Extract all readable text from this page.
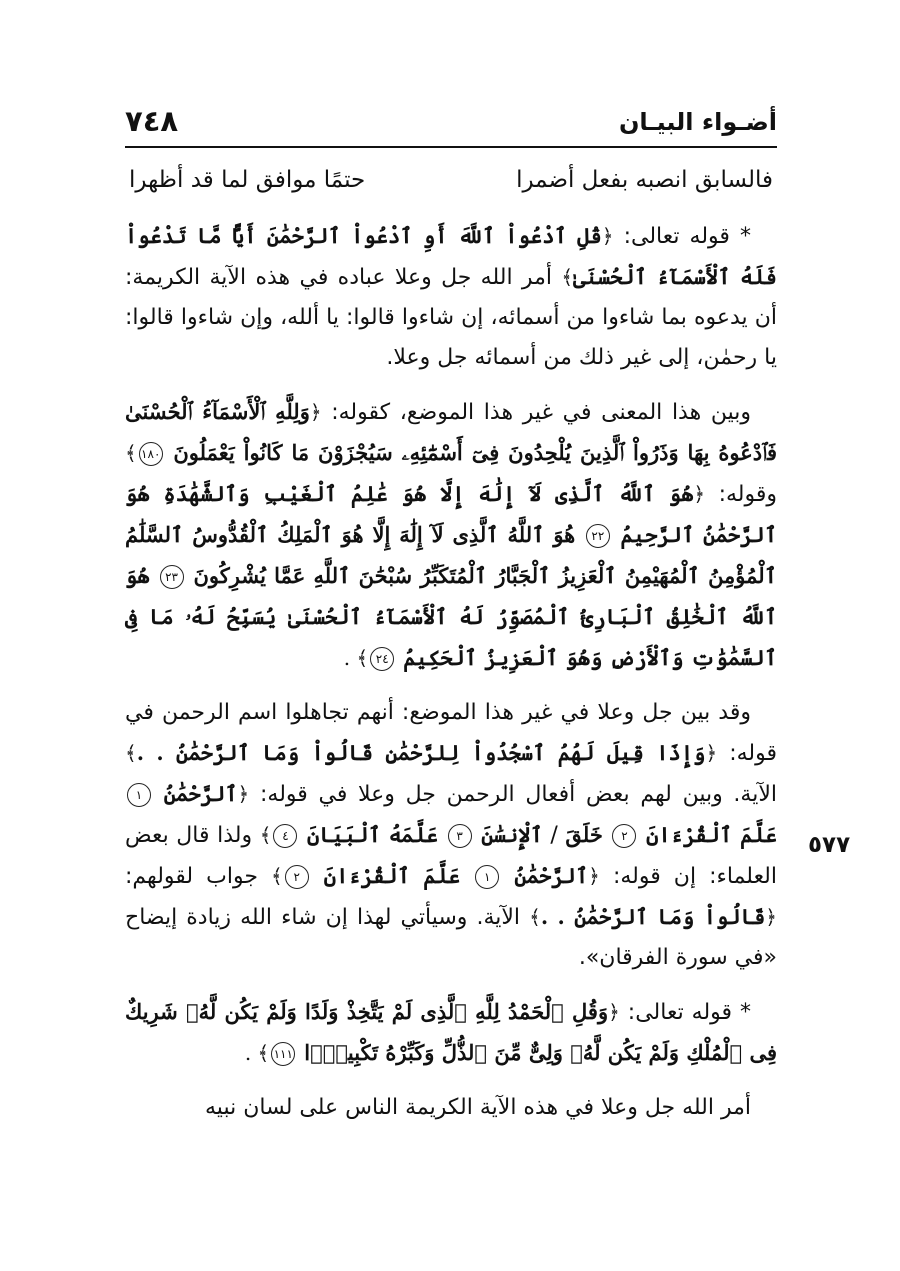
٧٤٨	أضـواء البيـان
٥٧٧
فالسابق انصبه بفعل أضمرا
حتمًا موافق لما قد أظهرا

* قوله تعالى: ﴿قُلِ ٱدْعُواْ ٱللَّهَ أَوِ ٱدْعُواْ ٱلرَّحْمَٰنَ أَيًّا مَّا تَدْعُواْ فَلَهُ ٱلْأَسْمَآءُ ٱلْحُسْنَىٰ﴾ أمر الله جل وعلا عباده في هذه الآية الكريمة: أن يدعوه بما شاءوا من أسمائه، إن شاءوا قالوا: يا ألله، وإن شاءوا قالوا: يا رحمٰن، إلى غير ذلك من أسمائه جل وعلا.

وبين هذا المعنى في غير هذا الموضع، كقوله: ﴿وَلِلَّهِ ٱلْأَسْمَآءُ ٱلْحُسْنَىٰ فَٱدْعُوهُ بِهَا وَذَرُواْ ٱلَّذِينَ يُلْحِدُونَ فِىٓ أَسْمَٰٓئِهِۦ سَيُجْزَوْنَ مَا كَانُواْ يَعْمَلُونَ ١٨٠﴾ وقوله: ﴿هُوَ ٱللَّهُ ٱلَّذِى لَآ إِلَٰهَ إِلَّا هُوَ عَٰلِمُ ٱلْغَيْبِ وَٱلشَّهَٰدَةِ هُوَ ٱلرَّحْمَٰنُ ٱلرَّحِيمُ ٢٢ هُوَ ٱللَّهُ ٱلَّذِى لَآ إِلَٰهَ إِلَّا هُوَ ٱلْمَلِكُ ٱلْقُدُّوسُ ٱلسَّلَٰمُ ٱلْمُؤْمِنُ ٱلْمُهَيْمِنُ ٱلْعَزِيزُ ٱلْجَبَّارُ ٱلْمُتَكَبِّرُ سُبْحَٰنَ ٱللَّهِ عَمَّا يُشْرِكُونَ ٢٣ هُوَ ٱللَّهُ ٱلْخَٰلِقُ ٱلْبَارِئُ ٱلْمُصَوِّرُ لَهُ ٱلْأَسْمَآءُ ٱلْحُسْنَىٰ يُسَبِّحُ لَهُۥ مَا فِى ٱلسَّمَٰوَٰتِ وَٱلْأَرْضِ وَهُوَ ٱلْعَزِيزُ ٱلْحَكِيمُ ٢٤﴾ .

وقد بين جل وعلا في غير هذا الموضع: أنهم تجاهلوا اسم الرحمن في قوله: ﴿وَإِذَا قِيلَ لَهُمُ ٱسْجُدُواْ لِلرَّحْمَٰنِ قَالُواْ وَمَا ٱلرَّحْمَٰنُ . .﴾ الآية. وبين لهم بعض أفعال الرحمن جل وعلا في قوله: ﴿ٱلرَّحْمَٰنُ ١ عَلَّمَ ٱلْقُرْءَانَ ٢ خَلَقَ / ٱلْإِنسَٰنَ ٣ عَلَّمَهُ ٱلْبَيَانَ ٤﴾ ولذا قال بعض العلماء: إن قوله: ﴿ٱلرَّحْمَٰنُ ١ عَلَّمَ ٱلْقُرْءَانَ ٢﴾ جواب لقولهم: ﴿قَالُواْ وَمَا ٱلرَّحْمَٰنُ . .﴾ الآية. وسيأتي لهذا إن شاء الله زيادة إيضاح «في سورة الفرقان».

* قوله تعالى: ﴿وَقُلِ ٱلْحَمْدُ لِلَّهِ ٱلَّذِى لَمْ يَتَّخِذْ وَلَدًا وَلَمْ يَكُن لَّهُۥ شَرِيكٌ فِى ٱلْمُلْكِ وَلَمْ يَكُن لَّهُۥ وَلِىٌّ مِّنَ ٱلذُّلِّ وَكَبِّرْهُ تَكْبِيرًۢا ١١١﴾ .

أمر الله جل وعلا في هذه الآية الكريمة الناس على لسان نبيه
